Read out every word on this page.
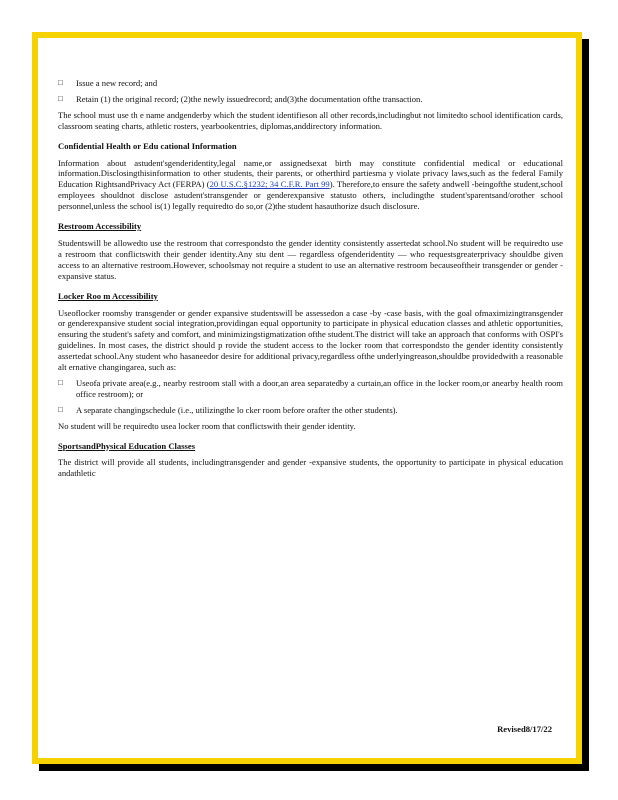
□	Issue a new record; and
□	Retain (1) the original record; (2)the newly issuedrecord; and(3)the documentation ofthe transaction.

The school must use th e name andgenderby which the student identifieson all other records,includingbut not limitedto school identification cards, classroom seating charts, athletic rosters, yearbookentries, diplomas,anddirectory information.

Confidential Health or Edu cational Information

Information about astudent'sgenderidentity,legal name,or assignedsexat birth may constitute confidential medical or educational information.Disclosingthisinformation to other students, their parents, or otherthird partiesma y violate privacy laws,such as the federal Family Education RightsandPrivacy Act (FERPA) (20 U.S.C.§1232; 34 C.F.R. Part 99). Therefore,to ensure the safety andwell -beingofthe student,school employees shouldnot disclose astudent'stransgender or genderexpansive statusto others, includingthe student'sparentsand/orother school personnel,unless the school is(1) legally requiredto do so,or (2)the student hasauthorize dsuch disclosure.

Restroom Accessibility

Studentswill be allowedto use the restroom that correspondsto the gender identity consistently assertedat school.No student will be requiredto use a restroom that conflictswith their gender identity.Any stu dent — regardless ofgenderidentity — who requestsgreaterprivacy shouldbe given access to an alternative restroom.However, schoolsmay not require a student to use an alternative restroom becauseoftheir transgender or gender -expansive status.

Locker Roo m Accessibility

Useoflocker roomsby transgender or gender expansive studentswill be assessedon a case -by -case basis, with the goal ofmaximizingtransgender or genderexpansive student social integration,providingan equal opportunity to participate in physical education classes and athletic opportunities, ensuring the student's safety and comfort, and minimizingstigmatization ofthe student.The district will take an approach that conforms with OSPI's guidelines. In most cases, the district should p rovide the student access to the locker room that correspondsto the gender identity consistently assertedat school.Any student who hasaneedor desire for additional privacy,regardless ofthe underlyingreason,shouldbe providedwith a reasonable alt ernative changingarea, such as:

□	Useofa private area(e.g., nearby restroom stall with a door,an area separatedby a curtain,an office in the locker room,or anearby health room office restroom); or
□	A separate changingschedule (i.e., utilizingthe lo cker room before orafter the other students).

No student will be requiredto usea locker room that conflictswith their gender identity.

SportsandPhysical Education Classes

The district will provide all students, includingtransgender and gender -expansive students, the opportunity to participate in physical education andathletic

Revised8/17/22
